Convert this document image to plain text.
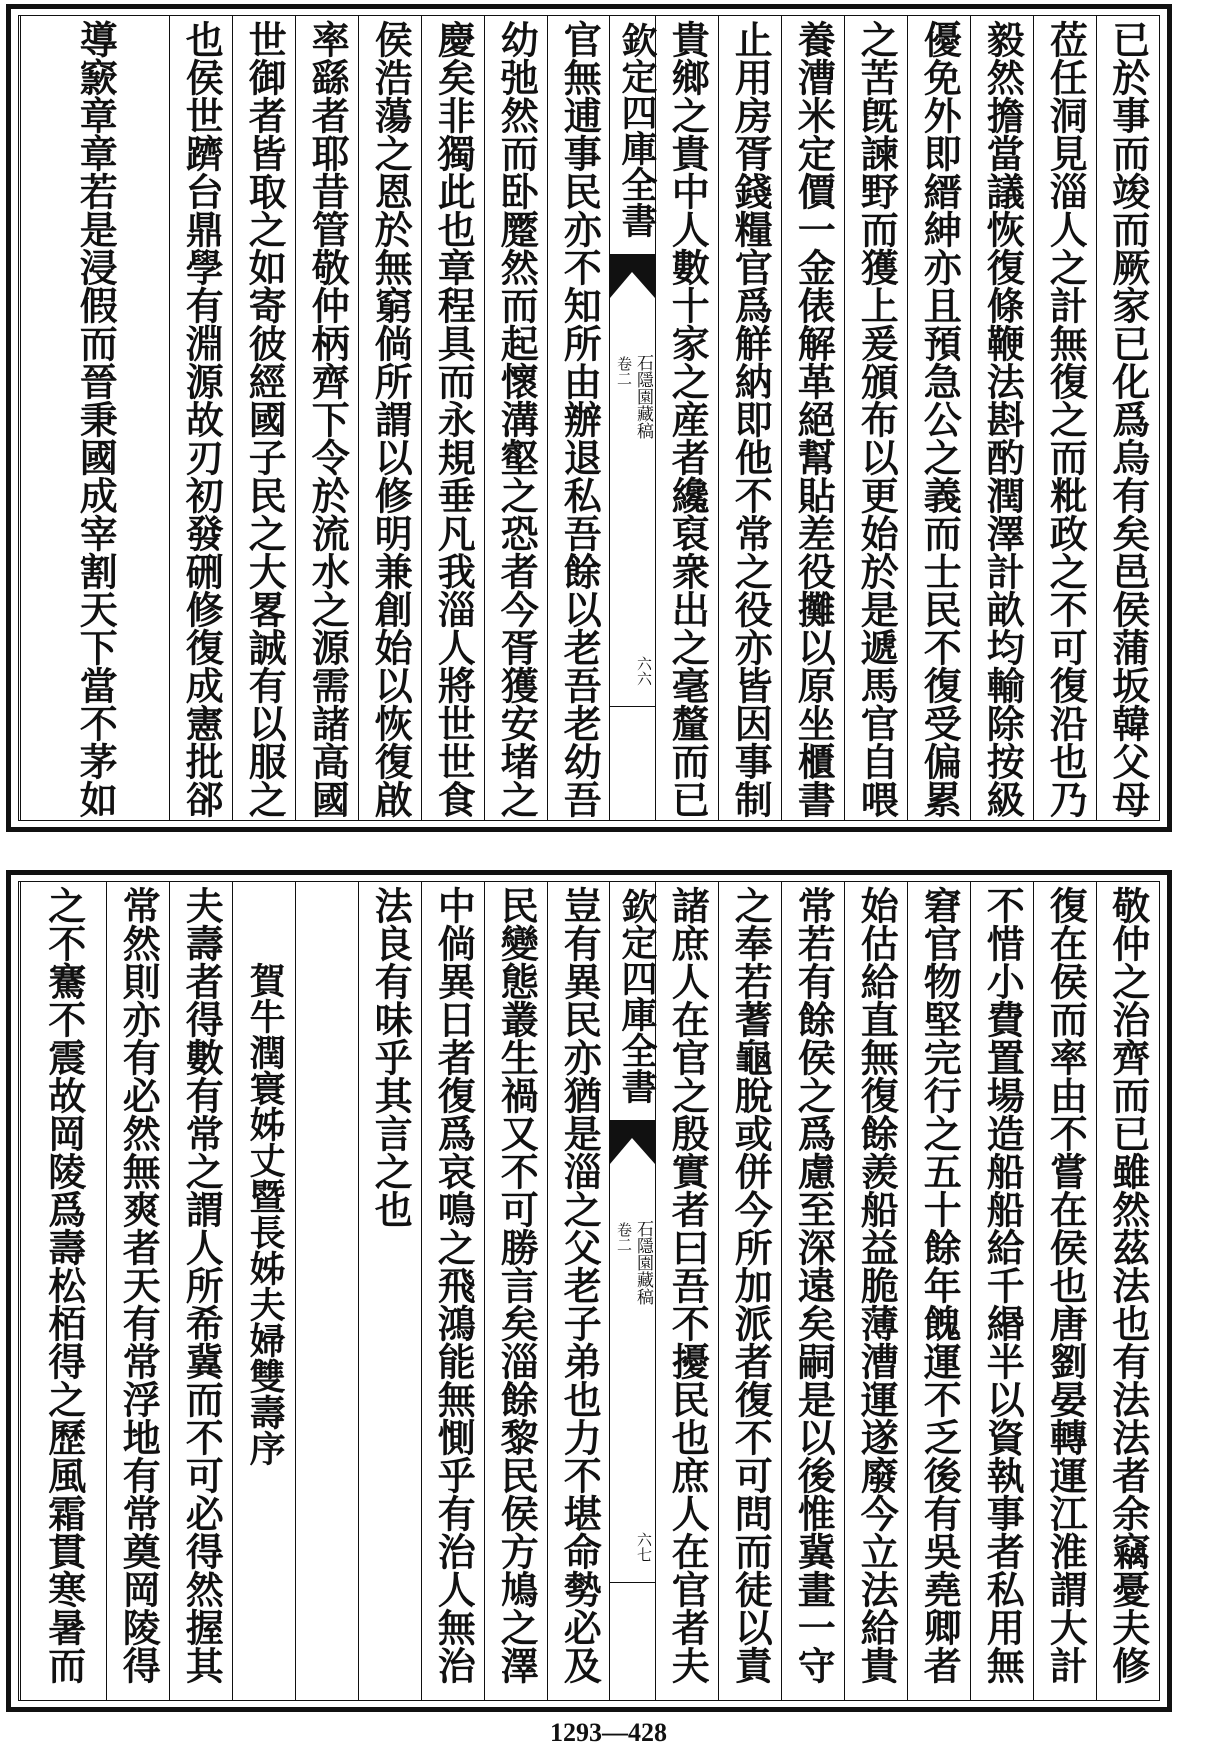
已於事而竣而厥家已化爲烏有矣邑侯蒲坂韓父母
莅任洞見淄人之計無復之而粃政之不可復沿也乃
毅然擔當議恢復條鞭法斟酌潤澤計畝均輸除按級
優免外即縉紳亦且預急公之義而士民不復受偏累
之苦旣諫野而獲上爰頒布以更始於是遞馬官自喂
養漕米定價一金俵解革絕幫貼差役攤以原坐櫃書
止用房胥錢糧官爲觧納即他不常之役亦皆因事制
貴鄉之貴中人數十家之産者纔裒衆出之毫釐而已
欽定四庫全書
石隱園藏稿
卷二
六六
官無逋事民亦不知所由辦退私吾餘以老吾老幼吾
幼弛然而卧蹷然而起懷溝壑之恐者今胥獲安堵之
慶矣非獨此也章程具而永規垂凡我淄人將世世食
侯浩蕩之恩於無窮倘所謂以修明兼創始以恢復啟
率繇者耶昔管敬仲柄齊下令於流水之源需諸高國
世御者皆取之如寄彼經國子民之大畧誠有以服之
也侯世躋台鼎學有淵源故刃初發硎修復成憲批郤
導窾章章若是浸假而晉秉國成宰割天下當不茅如
敬仲之治齊而已雖然茲法也有法法者余竊憂夫修
復在侯而率由不嘗在侯也唐劉晏轉運江淮謂大計
不惜小費置場造船船給千緡半以資執事者私用無
窘官物堅完行之五十餘年餽運不乏後有吳堯卿者
始估給直無復餘羨船益脆薄漕運遂廢今立法給貴
常若有餘侯之爲慮至深遠矣嗣是以後惟冀畫一守
之奉若蓍龜脫或併今所加派者復不可問而徒以責
諸庶人在官之殷實者曰吾不擾民也庶人在官者夫
欽定四庫全書
石隱園藏稿
卷二
六七
豈有異民亦猶是淄之父老子弟也力不堪命勢必及
民變態叢生禍又不可勝言矣淄餘黎民侯方鳩之澤
中倘異日者復爲哀鳴之飛鴻能無惻乎有治人無治
法良有味乎其言之也
賀牛潤寰姊丈暨長姊夫婦雙壽序
夫壽者得數有常之謂人所希冀而不可必得然握其
常然則亦有必然無爽者天有常浮地有常奠岡陵得
之不騫不震故岡陵爲壽松栢得之歷風霜貫寒暑而
1293—428
